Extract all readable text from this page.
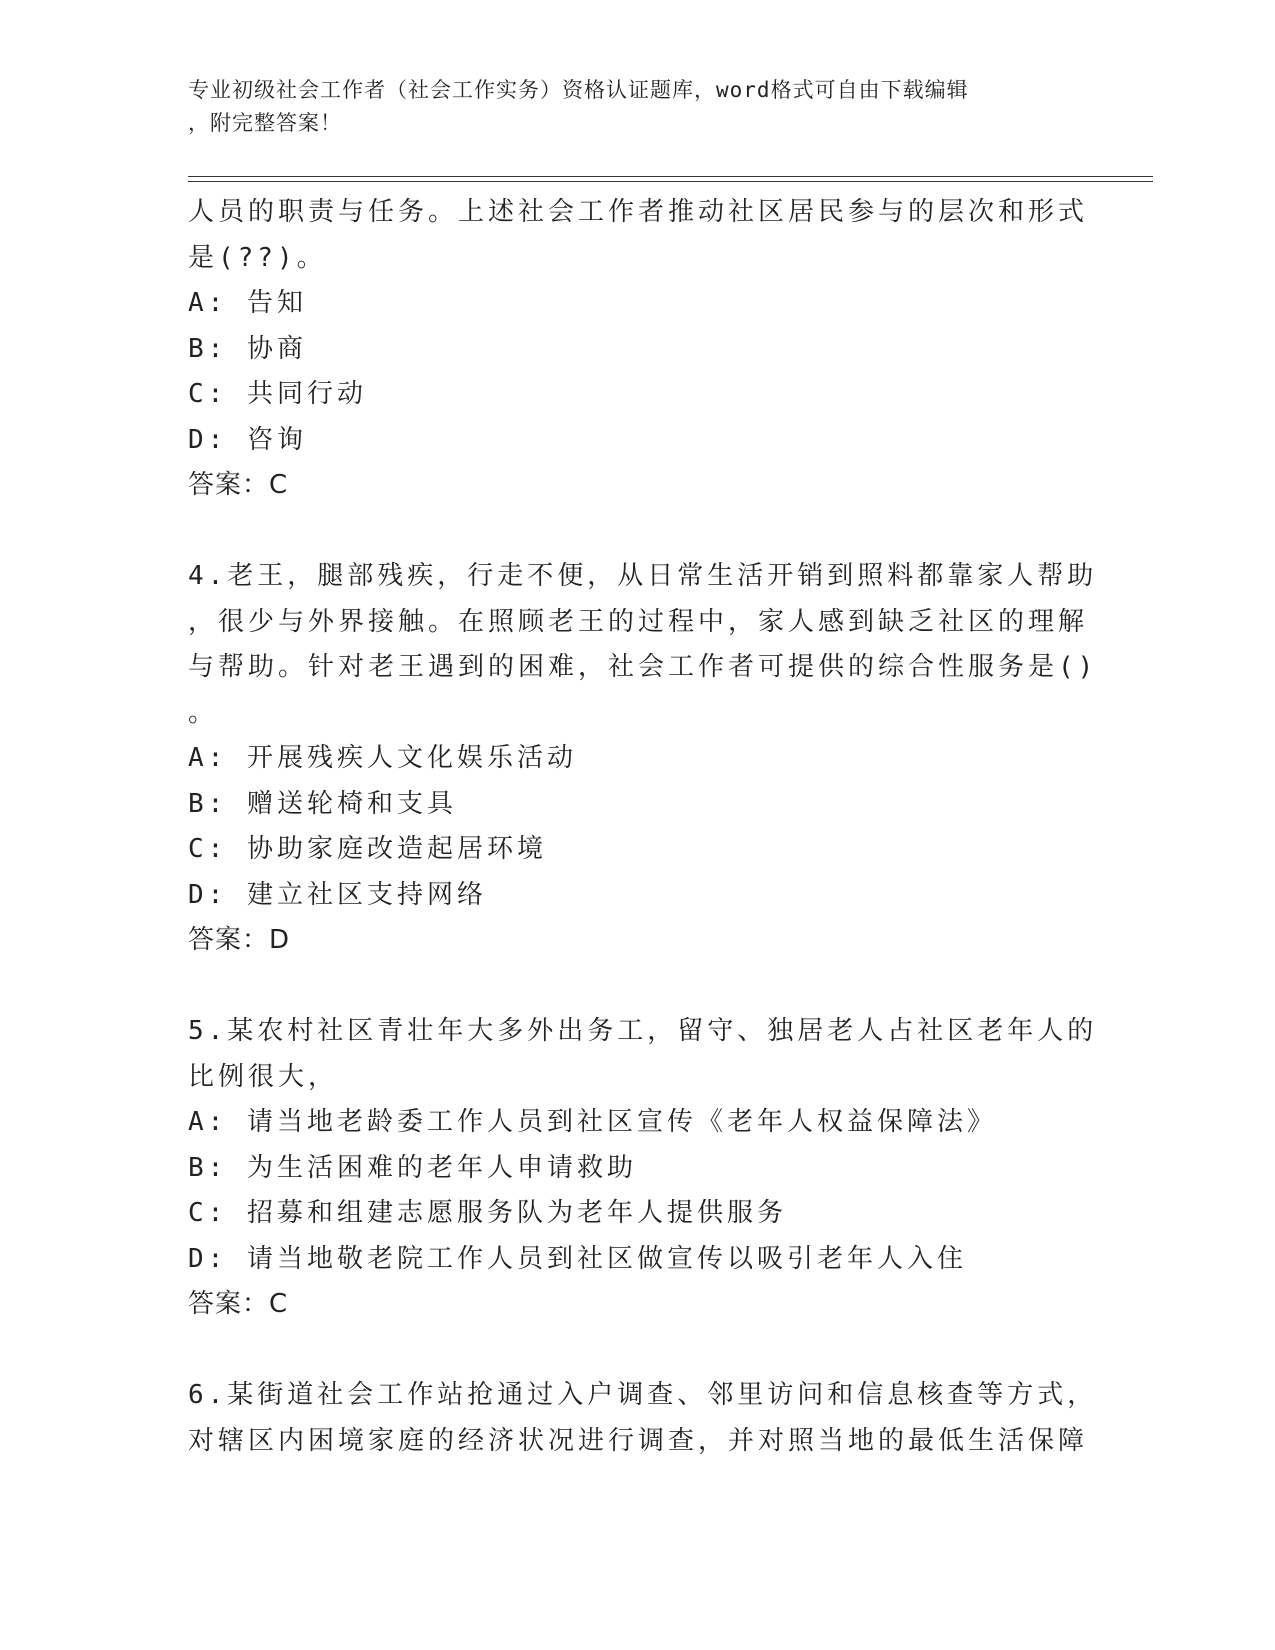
专业初级社会工作者（社会工作实务）资格认证题库，word格式可自由下载编辑
，附完整答案！
人员的职责与任务。上述社会工作者推动社区居民参与的层次和形式
是(??)。
A: 告知
B: 协商
C: 共同行动
D: 咨询
答案：C
4.老王，腿部残疾，行走不便，从日常生活开销到照料都靠家人帮助
，很少与外界接触。在照顾老王的过程中，家人感到缺乏社区的理解
与帮助。针对老王遇到的困难，社会工作者可提供的综合性服务是()
。
A: 开展残疾人文化娱乐活动
B: 赠送轮椅和支具
C: 协助家庭改造起居环境
D: 建立社区支持网络
答案：D
5.某农村社区青壮年大多外出务工，留守、独居老人占社区老年人的
比例很大，
A: 请当地老龄委工作人员到社区宣传《老年人权益保障法》
B: 为生活困难的老年人申请救助
C: 招募和组建志愿服务队为老年人提供服务
D: 请当地敬老院工作人员到社区做宣传以吸引老年人入住
答案：C
6.某街道社会工作站抢通过入户调查、邻里访问和信息核查等方式，
对辖区内困境家庭的经济状况进行调查，并对照当地的最低生活保障
